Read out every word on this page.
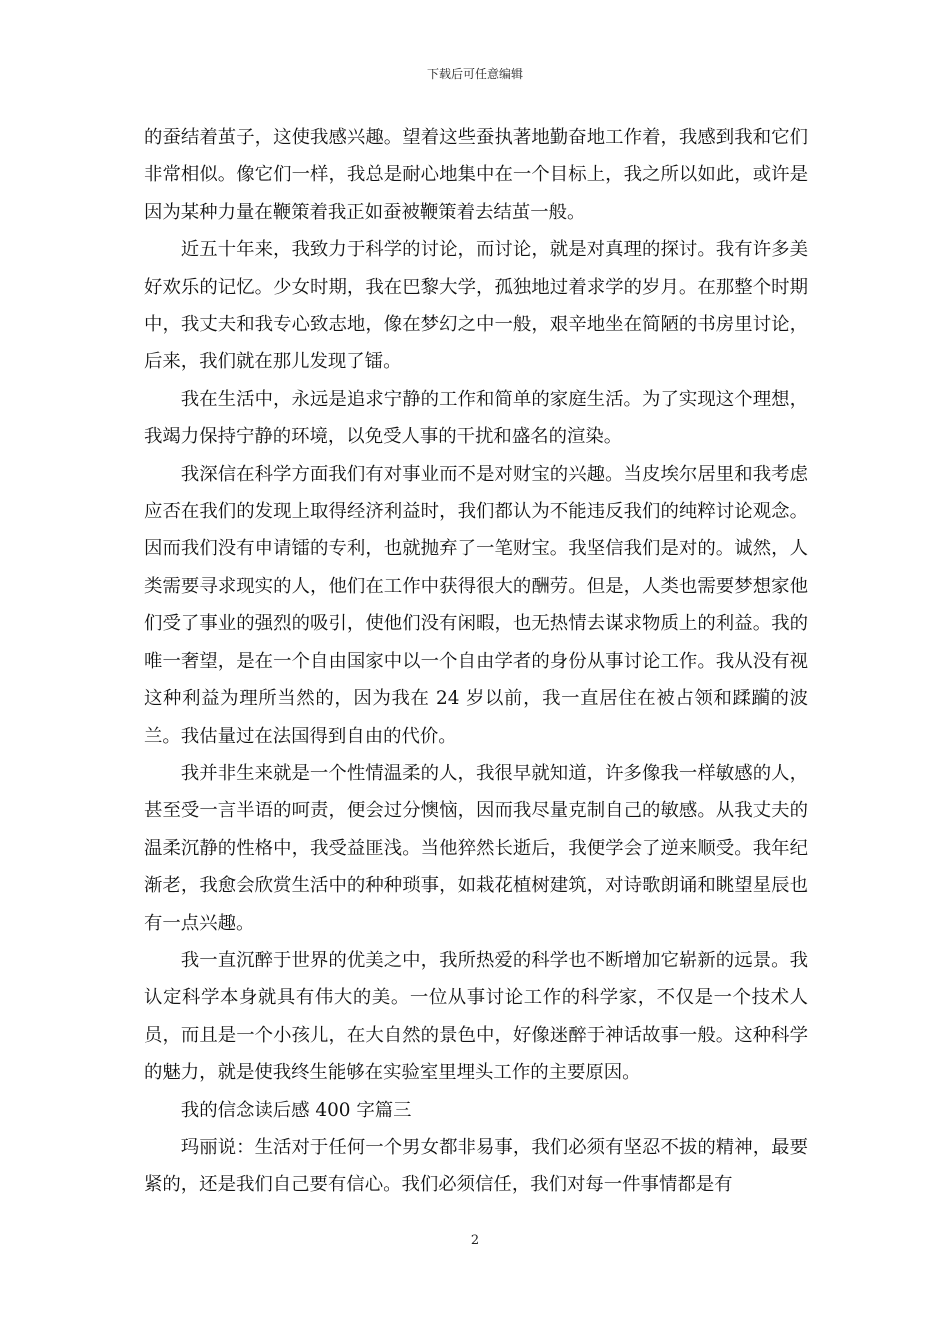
下载后可任意编辑

的蚕结着茧子，这使我感兴趣。望着这些蚕执著地勤奋地工作着，我感到我和它们非常相似。像它们一样，我总是耐心地集中在一个目标上，我之所以如此，或许是因为某种力量在鞭策着我正如蚕被鞭策着去结茧一般。

近五十年来，我致力于科学的讨论，而讨论，就是对真理的探讨。我有许多美好欢乐的记忆。少女时期，我在巴黎大学，孤独地过着求学的岁月。在那整个时期中，我丈夫和我专心致志地，像在梦幻之中一般，艰辛地坐在简陋的书房里讨论，后来，我们就在那儿发现了镭。

我在生活中，永远是追求宁静的工作和简单的家庭生活。为了实现这个理想，我竭力保持宁静的环境，以免受人事的干扰和盛名的渲染。

我深信在科学方面我们有对事业而不是对财宝的兴趣。当皮埃尔居里和我考虑应否在我们的发现上取得经济利益时，我们都认为不能违反我们的纯粹讨论观念。因而我们没有申请镭的专利，也就抛弃了一笔财宝。我坚信我们是对的。诚然，人类需要寻求现实的人，他们在工作中获得很大的酬劳。但是，人类也需要梦想家他们受了事业的强烈的吸引，使他们没有闲暇，也无热情去谋求物质上的利益。我的唯一奢望，是在一个自由国家中以一个自由学者的身份从事讨论工作。我从没有视这种利益为理所当然的，因为我在 24 岁以前，我一直居住在被占领和蹂躏的波兰。我估量过在法国得到自由的代价。

我并非生来就是一个性情温柔的人，我很早就知道，许多像我一样敏感的人，甚至受一言半语的呵责，便会过分懊恼，因而我尽量克制自己的敏感。从我丈夫的温柔沉静的性格中，我受益匪浅。当他猝然长逝后，我便学会了逆来顺受。我年纪渐老，我愈会欣赏生活中的种种琐事，如栽花植树建筑，对诗歌朗诵和眺望星辰也有一点兴趣。

我一直沉醉于世界的优美之中，我所热爱的科学也不断增加它崭新的远景。我认定科学本身就具有伟大的美。一位从事讨论工作的科学家，不仅是一个技术人员，而且是一个小孩儿，在大自然的景色中，好像迷醉于神话故事一般。这种科学的魅力，就是使我终生能够在实验室里埋头工作的主要原因。

我的信念读后感 400 字篇三

玛丽说：生活对于任何一个男女都非易事，我们必须有坚忍不拔的精神，最要紧的，还是我们自己要有信心。我们必须信任，我们对每一件事情都是有

2
